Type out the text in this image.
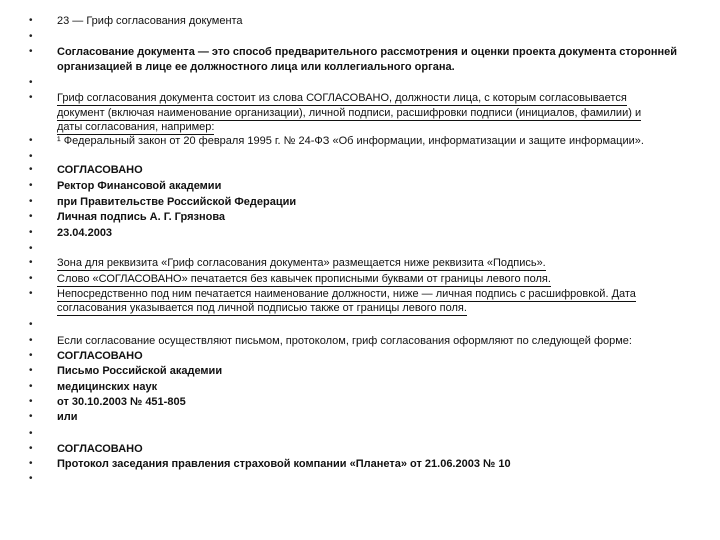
• 23 — Гриф согласования документа
•
• Согласование документа — это способ предварительного рассмотрения и оценки проекта документа сторонней
организацией в лице ее должностного лица или коллегиального органа.
•
• Гриф согласования документа состоит из слова СОГЛАСОВАНО, должности лица, с которым согласовывается
документ (включая наименование организации), личной подписи, расшифровки подписи (инициалов, фамилии) и
даты согласования, например:
• ¹ Федеральный закон от 20 февраля 1995 г. № 24-ФЗ «Об информации, информатизации и защите информации».
•
• СОГЛАСОВАНО
• Ректор Финансовой академии
• при Правительстве Российской Федерации
• Личная подпись А. Г. Грязнова
• 23.04.2003
•
• Зона для реквизита «Гриф согласования документа» размещается ниже реквизита «Подпись».
• Слово «СОГЛАСОВАНО» печатается без кавычек прописными буквами от границы левого поля.
• Непосредственно под ним печатается наименование должности, ниже — личная подпись с расшифровкой. Дата
согласования указывается под личной подписью также от границы левого поля.
•
• Если согласование осуществляют письмом, протоколом, гриф согласования оформляют по следующей форме:
• СОГЛАСОВАНО
• Письмо Российской академии
• медицинских наук
• от 30.10.2003 № 451-805
• или
•
• СОГЛАСОВАНО
• Протокол заседания правления страховой компании «Планета» от 21.06.2003 № 10
•
